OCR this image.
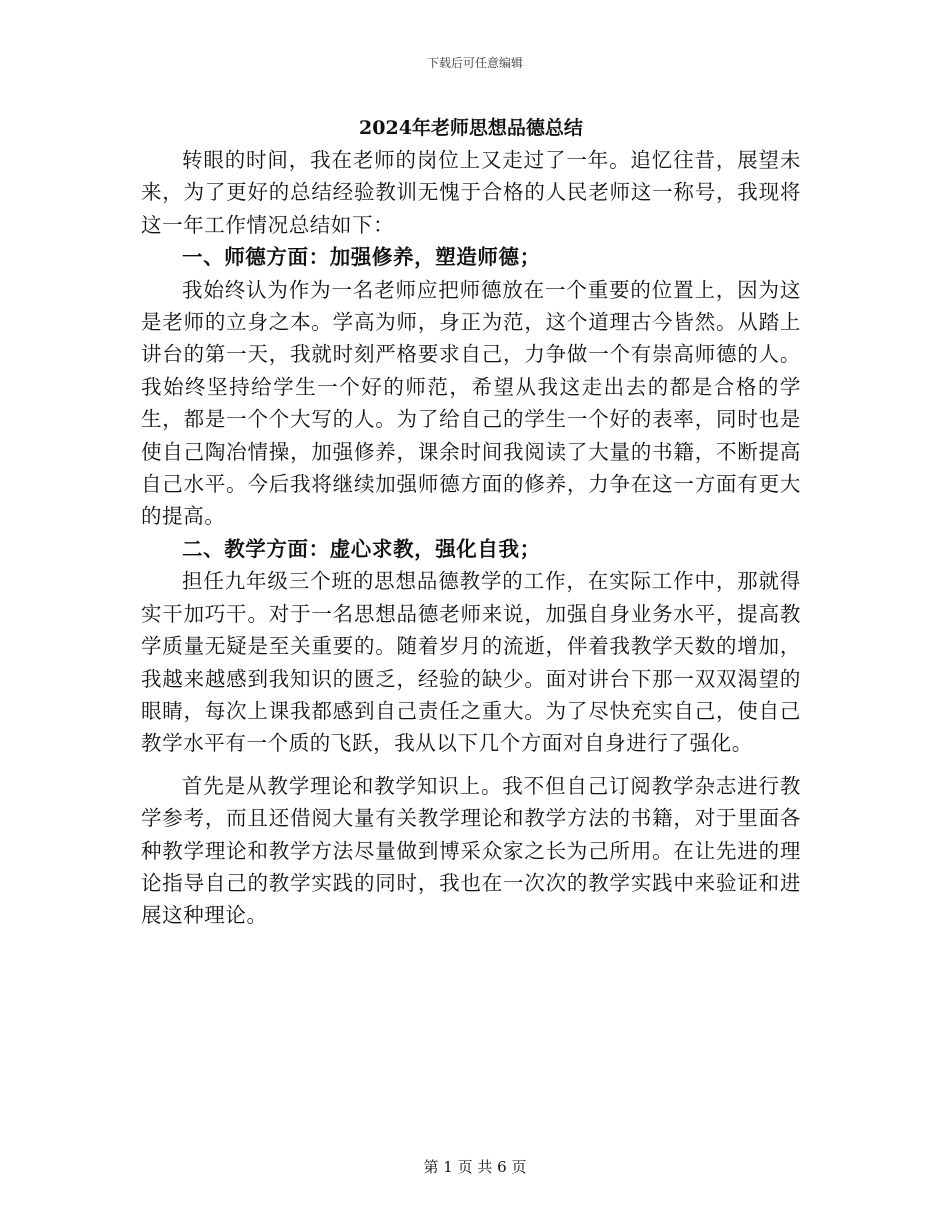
下载后可任意编辑
2024年老师思想品德总结

转眼的时间，我在老师的岗位上又走过了一年。追忆往昔，展望未来，为了更好的总结经验教训无愧于合格的人民老师这一称号，我现将这一年工作情况总结如下：

一、师德方面：加强修养，塑造师德；

我始终认为作为一名老师应把师德放在一个重要的位置上，因为这是老师的立身之本。学高为师，身正为范，这个道理古今皆然。从踏上讲台的第一天，我就时刻严格要求自己，力争做一个有崇高师德的人。我始终坚持给学生一个好的师范，希望从我这走出去的都是合格的学生，都是一个个大写的人。为了给自己的学生一个好的表率，同时也是使自己陶冶情操，加强修养，课余时间我阅读了大量的书籍，不断提高自己水平。今后我将继续加强师德方面的修养，力争在这一方面有更大的提高。

二、教学方面：虚心求教，强化自我；

担任九年级三个班的思想品德教学的工作，在实际工作中，那就得实干加巧干。对于一名思想品德老师来说，加强自身业务水平，提高教学质量无疑是至关重要的。随着岁月的流逝，伴着我教学天数的增加，我越来越感到我知识的匮乏，经验的缺少。面对讲台下那一双双渴望的眼睛，每次上课我都感到自己责任之重大。为了尽快充实自己，使自己教学水平有一个质的飞跃，我从以下几个方面对自身进行了强化。

首先是从教学理论和教学知识上。我不但自己订阅教学杂志进行教学参考，而且还借阅大量有关教学理论和教学方法的书籍，对于里面各种教学理论和教学方法尽量做到博采众家之长为己所用。在让先进的理论指导自己的教学实践的同时，我也在一次次的教学实践中来验证和进展这种理论。

第 1 页 共 6 页
